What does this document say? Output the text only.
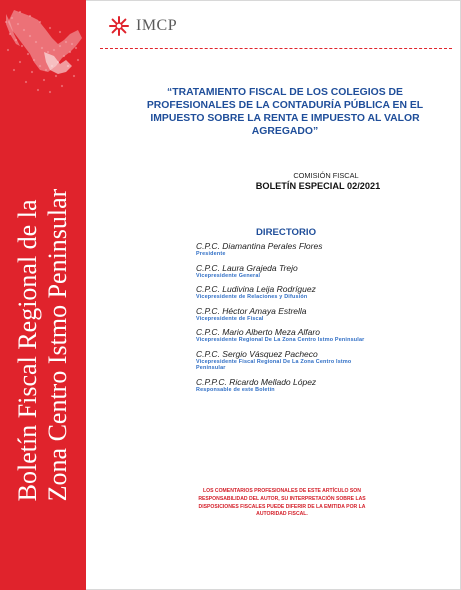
Boletín Fiscal Regional de la Zona Centro Istmo Peninsular
IMCP
“TRATAMIENTO FISCAL DE LOS COLEGIOS DE PROFESIONALES DE LA CONTADURÍA PÚBLICA EN EL IMPUESTO SOBRE LA RENTA E IMPUESTO AL VALOR AGREGADO”
COMISIÓN FISCAL
BOLETÍN ESPECIAL 02/2021
DIRECTORIO
C.P.C. Diamantina Perales Flores
Presidente
C.P.C. Laura Grajeda Trejo
Vicepresidente General
C.P.C. Ludivina Leija Rodríguez
Vicepresidente de Relaciones y Difusión
C.P.C. Héctor Amaya Estrella
Vicepresidente de Fiscal
C.P.C. Mario Alberto Meza Alfaro
Vicepresidente Regional De La Zona Centro Istmo Peninsular
C.P.C. Sergio Vásquez Pacheco
Vicepresidente Fiscal Regional De La Zona Centro Istmo Peninsular
C.P.P.C. Ricardo Mellado López
Responsable de este Boletín
LOS COMENTARIOS PROFESIONALES DE ESTE ARTÍCULO SON RESPONSABILIDAD DEL AUTOR, SU INTERPRETACIÓN SOBRE LAS DISPOSICIONES FISCALES PUEDE DIFERIR DE LA EMITIDA POR LA AUTORIDAD FISCAL.
